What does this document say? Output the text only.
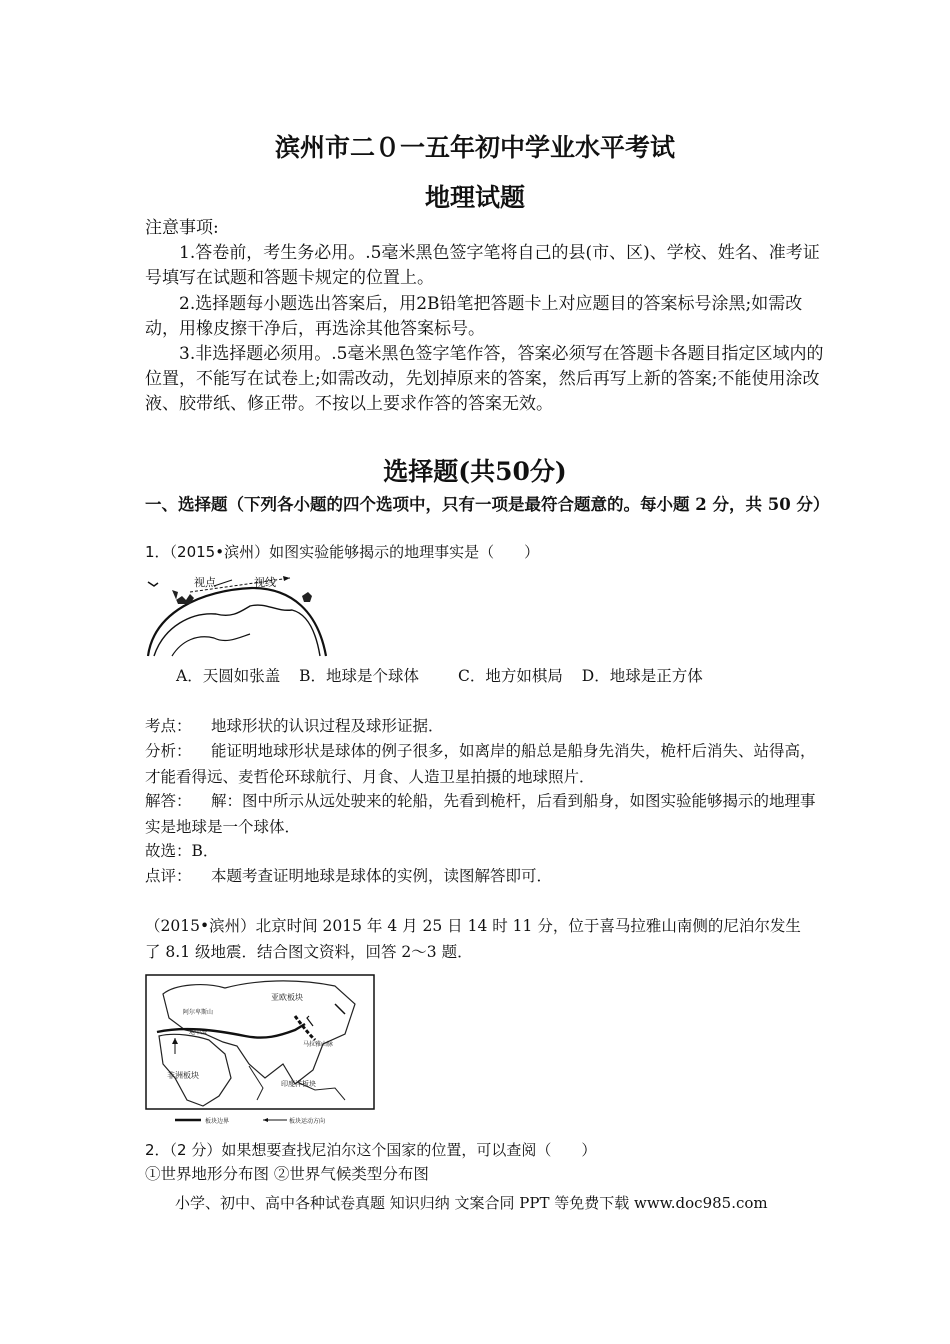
滨州市二０一五年初中学业水平考试
地理试题

注意事项:

1.答卷前，考生务必用。.5毫米黑色签字笔将自己的县(市、区)、学校、姓名、准考证号填写在试题和答题卡规定的位置上。

2.选择题每小题选出答案后，用2B铅笔把答题卡上对应题目的答案标号涂黑;如需改动，用橡皮擦干净后，再选涂其他答案标号。

3.非选择题必须用。.5毫米黑色签字笔作答，答案必须写在答题卡各题目指定区域内的位置，不能写在试卷上;如需改动，先划掉原来的答案，然后再写上新的答案;不能使用涂改液、胶带纸、修正带。不按以上要求作答的答案无效。

选择题(共50分)
一、选择题（下列各小题的四个选项中，只有一项是最符合题意的。每小题 2 分，共 50 分）
1．（2015•滨州）如图实验能够揭示的地理事实是（　　）
视点	视线
A．天圆如张盖 B．地球是个球体	C．地方如棋局 D．地球是正方体
考点： 地球形状的认识过程及球形证据．
分析： 能证明地球形状是球体的例子很多，如离岸的船总是船身先消失，桅杆后消失、站得高，才能看得远、麦哲伦环球航行、月食、人造卫星拍摄的地球照片．
解答： 解：图中所示从远处驶来的轮船，先看到桅杆，后看到船身，如图实验能够揭示的地理事实是地球是一个球体．
故选：B．
点评： 本题考查证明地球是球体的实例，读图解答即可．
（2015•滨州）北京时间 2015 年 4 月 25 日 14 时 11 分，位于喜马拉雅山南侧的尼泊尔发生了 8.1 级地震．结合图文资料，回答 2～3 题．
亚欧板块
非洲板块
印度洋板块
阿尔卑斯山
马拉雅山脉
地中海
板块边界	板块运动方向
2．（2 分）如果想要查找尼泊尔这个国家的位置，可以查阅（　　）
①世界地形分布图 ②世界气候类型分布图
小学、初中、高中各种试卷真题 知识归纳 文案合同 PPT 等免费下载 www.doc985.com
